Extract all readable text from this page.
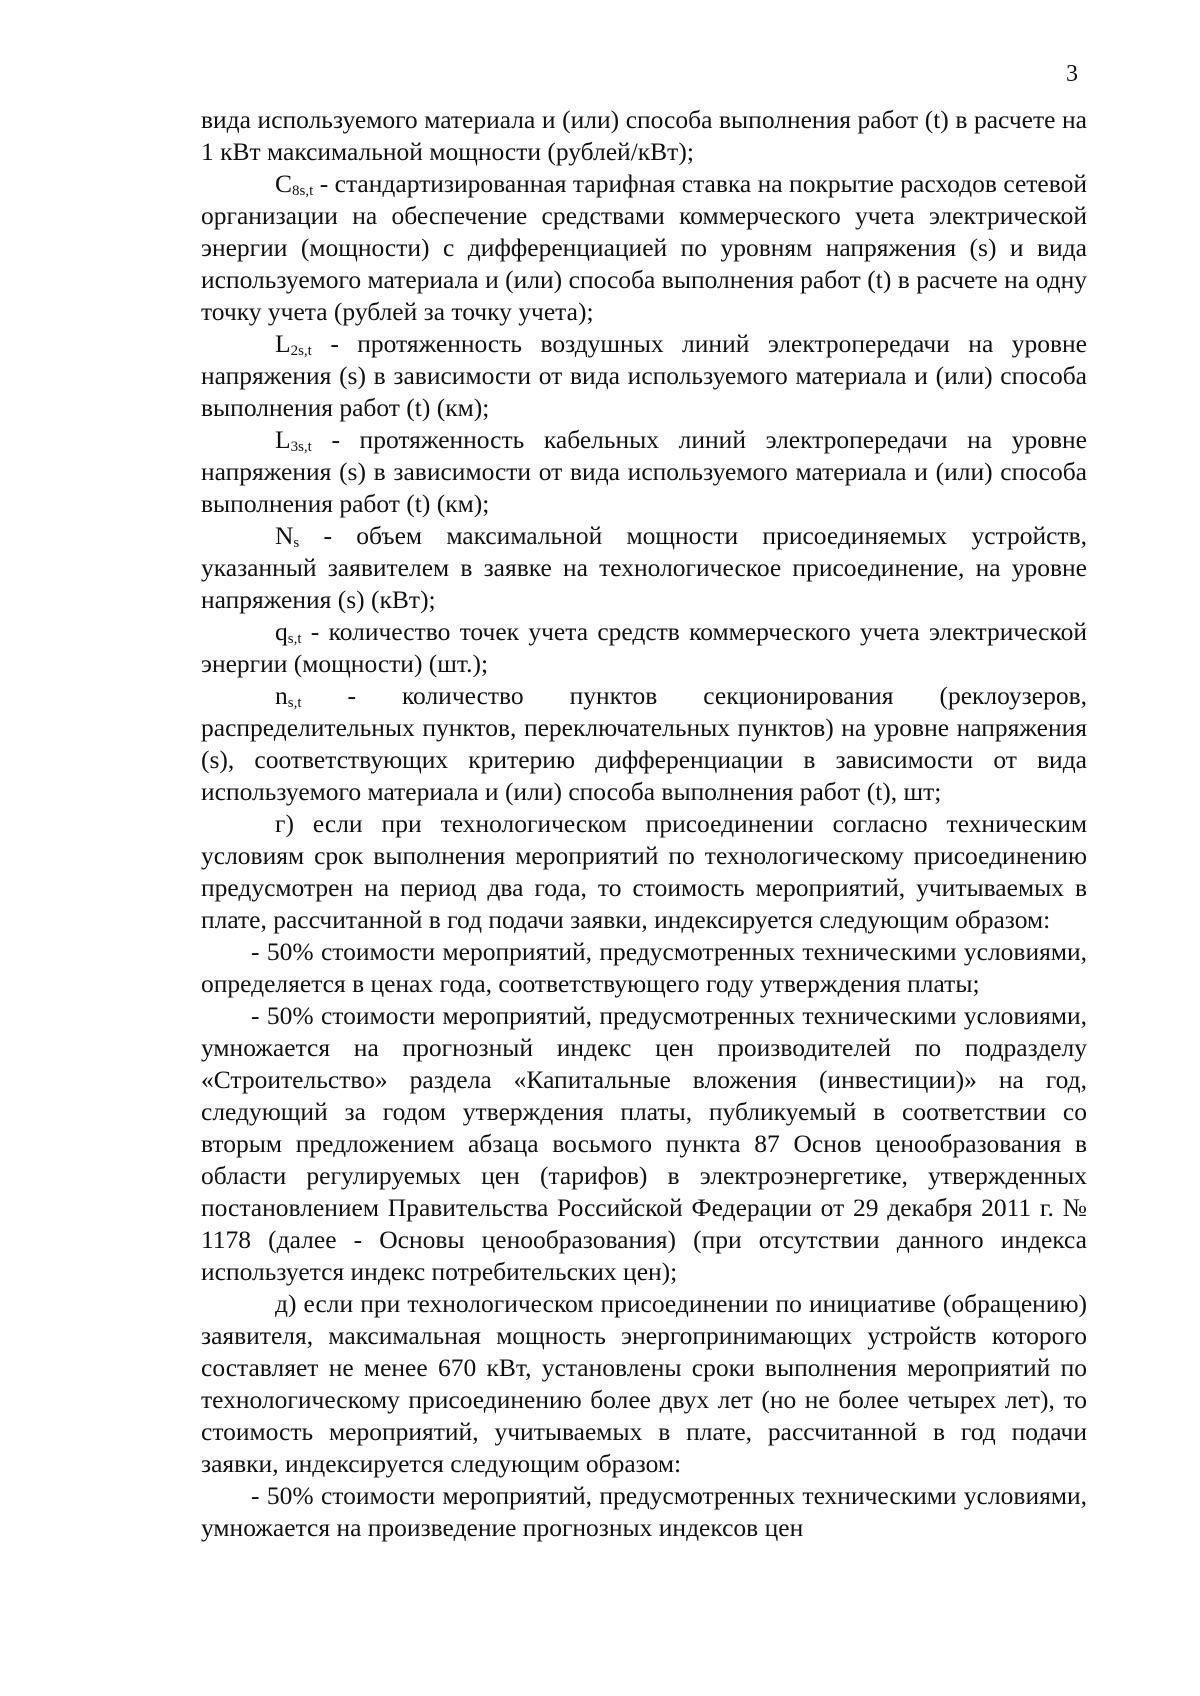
3

вида используемого материала и (или) способа выполнения работ (t) в расчете на 1 кВт максимальной мощности (рублей/кВт);

$C_{8s,t}$ - стандартизированная тарифная ставка на покрытие расходов сетевой организации на обеспечение средствами коммерческого учета электрической энергии (мощности) с дифференциацией по уровням напряжения (s) и вида используемого материала и (или) способа выполнения работ (t) в расчете на одну точку учета (рублей за точку учета);

$L_{2s,t}$ - протяженность воздушных линий электропередачи на уровне напряжения (s) в зависимости от вида используемого материала и (или) способа выполнения работ (t) (км);

$L_{3s,t}$ - протяженность кабельных линий электропередачи на уровне напряжения (s) в зависимости от вида используемого материала и (или) способа выполнения работ (t) (км);

$N_s$ - объем максимальной мощности присоединяемых устройств, указанный заявителем в заявке на технологическое присоединение, на уровне напряжения (s) (кВт);

$q_{s,t}$ - количество точек учета средств коммерческого учета электрической энергии (мощности) (шт.);

$n_{s,t}$ - количество пунктов секционирования (реклоузеров, распределительных пунктов, переключательных пунктов) на уровне напряжения (s), соответствующих критерию дифференциации в зависимости от вида используемого материала и (или) способа выполнения работ (t), шт;

г) если при технологическом присоединении согласно техническим условиям срок выполнения мероприятий по технологическому присоединению предусмотрен на период два года, то стоимость мероприятий, учитываемых в плате, рассчитанной в год подачи заявки, индексируется следующим образом:

- 50% стоимости мероприятий, предусмотренных техническими условиями, определяется в ценах года, соответствующего году утверждения платы;

- 50% стоимости мероприятий, предусмотренных техническими условиями, умножается на прогнозный индекс цен производителей по подразделу «Строительство» раздела «Капитальные вложения (инвестиции)» на год, следующий за годом утверждения платы, публикуемый в соответствии со вторым предложением абзаца восьмого пункта 87 Основ ценообразования в области регулируемых цен (тарифов) в электроэнергетике, утвержденных постановлением Правительства Российской Федерации от 29 декабря 2011 г. № 1178 (далее - Основы ценообразования) (при отсутствии данного индекса используется индекс потребительских цен);

д) если при технологическом присоединении по инициативе (обращению) заявителя, максимальная мощность энергопринимающих устройств которого составляет не менее 670 кВт, установлены сроки выполнения мероприятий по технологическому присоединению более двух лет (но не более четырех лет), то стоимость мероприятий, учитываемых в плате, рассчитанной в год подачи заявки, индексируется следующим образом:

- 50% стоимости мероприятий, предусмотренных техническими условиями, умножается на произведение прогнозных индексов цен
